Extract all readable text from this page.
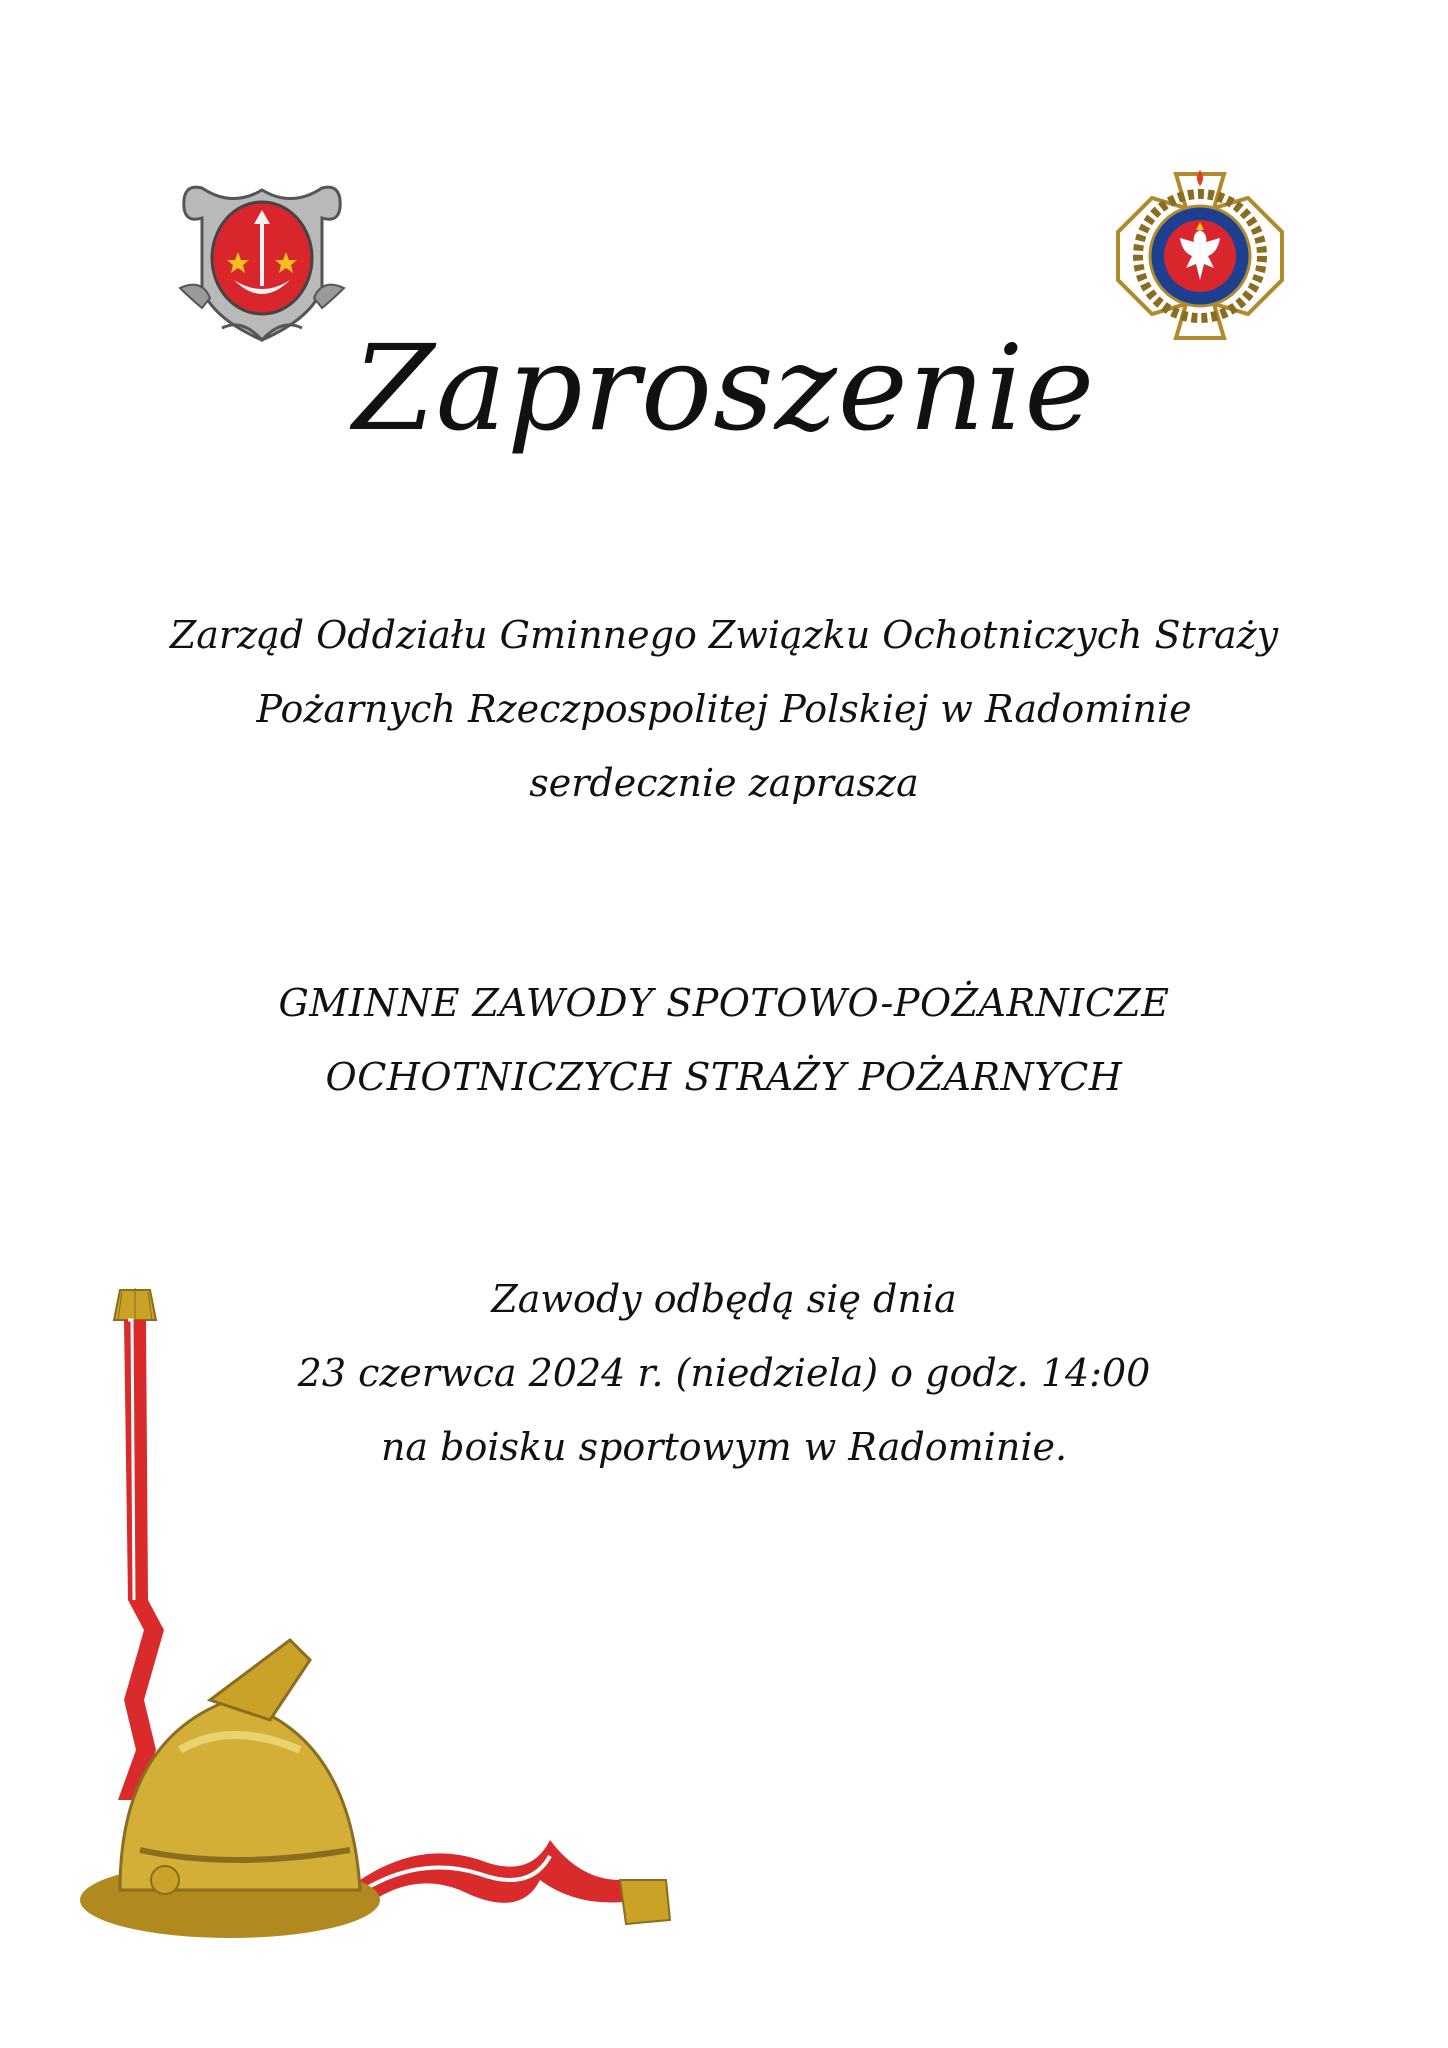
Zaproszenie
Zarząd Oddziału Gminnego Związku Ochotniczych Straży
Pożarnych Rzeczpospolitej Polskiej w Radominie
serdecznie zaprasza
GMINNE ZAWODY SPOTOWO-POŻARNICZE
OCHOTNICZYCH STRAŻY POŻARNYCH
Zawody odbędą się dnia
23 czerwca 2024 r. (niedziela) o godz. 14:00
na boisku sportowym w Radominie.
